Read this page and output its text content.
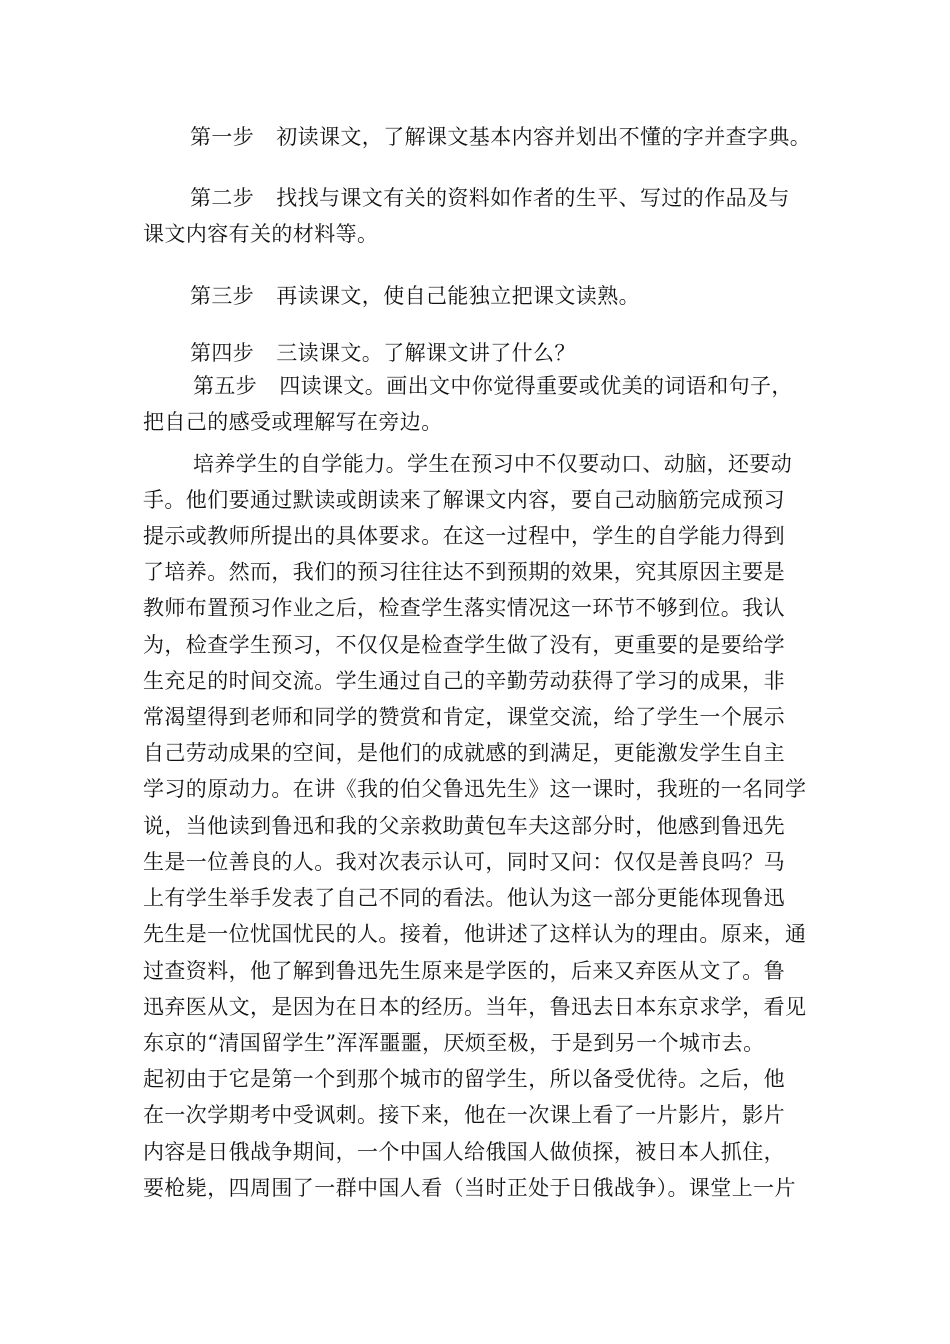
第一步 初读课文，了解课文基本内容并划出不懂的字并查字典。
第二步 找找与课文有关的资料如作者的生平、写过的作品及与
课文内容有关的材料等。
第三步 再读课文，使自己能独立把课文读熟。
第四步 三读课文。了解课文讲了什么？
第五步 四读课文。画出文中你觉得重要或优美的词语和句子，
把自己的感受或理解写在旁边。
培养学生的自学能力。学生在预习中不仅要动口、动脑，还要动
手。他们要通过默读或朗读来了解课文内容，要自己动脑筋完成预习
提示或教师所提出的具体要求。在这一过程中，学生的自学能力得到
了培养。然而，我们的预习往往达不到预期的效果，究其原因主要是
教师布置预习作业之后，检查学生落实情况这一环节不够到位。我认
为，检查学生预习，不仅仅是检查学生做了没有，更重要的是要给学
生充足的时间交流。学生通过自己的辛勤劳动获得了学习的成果，非
常渴望得到老师和同学的赞赏和肯定，课堂交流，给了学生一个展示
自己劳动成果的空间，是他们的成就感的到满足，更能激发学生自主
学习的原动力。在讲《我的伯父鲁迅先生》这一课时，我班的一名同学
说，当他读到鲁迅和我的父亲救助黄包车夫这部分时，他感到鲁迅先
生是一位善良的人。我对次表示认可，同时又问：仅仅是善良吗？马
上有学生举手发表了自己不同的看法。他认为这一部分更能体现鲁迅
先生是一位忧国忧民的人。接着，他讲述了这样认为的理由。原来，通
过查资料，他了解到鲁迅先生原来是学医的，后来又弃医从文了。鲁
迅弃医从文，是因为在日本的经历。当年，鲁迅去日本东京求学，看见
东京的“清国留学生”浑浑噩噩，厌烦至极，于是到另一个城市去。
起初由于它是第一个到那个城市的留学生，所以备受优待。之后，他
在一次学期考中受讽刺。接下来，他在一次课上看了一片影片，影片
内容是日俄战争期间，一个中国人给俄国人做侦探，被日本人抓住，
要枪毙，四周围了一群中国人看（当时正处于日俄战争）。课堂上一片
